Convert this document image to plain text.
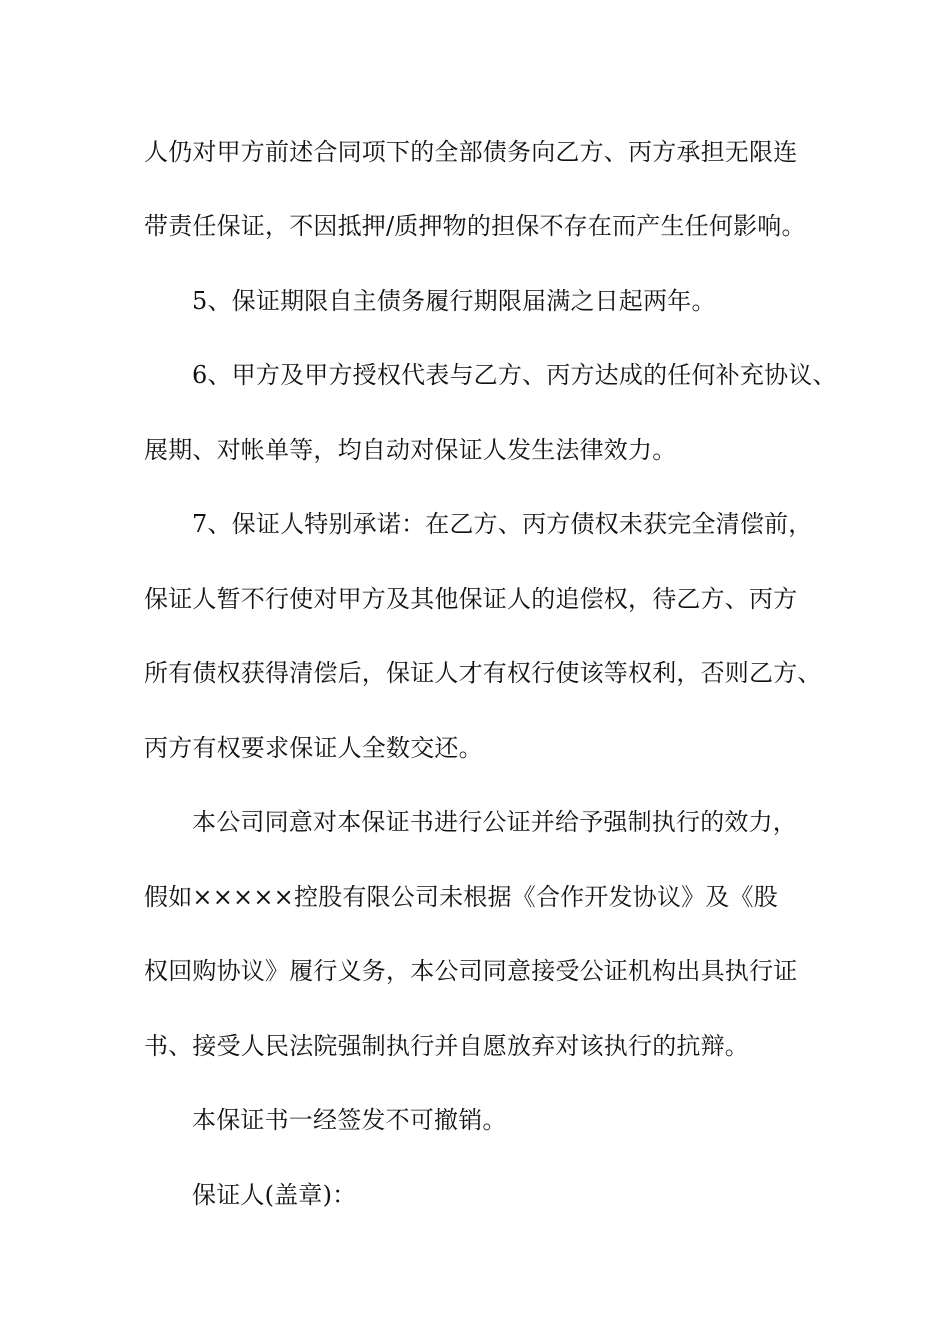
人仍对甲方前述合同项下的全部债务向乙方、丙方承担无限连
带责任保证，不因抵押/质押物的担保不存在而产生任何影响。
5、保证期限自主债务履行期限届满之日起两年。
6、甲方及甲方授权代表与乙方、丙方达成的任何补充协议、
展期、对帐单等，均自动对保证人发生法律效力。
7、保证人特别承诺：在乙方、丙方债权未获完全清偿前，
保证人暂不行使对甲方及其他保证人的追偿权，待乙方、丙方
所有债权获得清偿后，保证人才有权行使该等权利，否则乙方、
丙方有权要求保证人全数交还。
本公司同意对本保证书进行公证并给予强制执行的效力，
假如×××××控股有限公司未根据《合作开发协议》及《股
权回购协议》履行义务，本公司同意接受公证机构出具执行证
书、接受人民法院强制执行并自愿放弃对该执行的抗辩。
本保证书一经签发不可撤销。
保证人(盖章)：
